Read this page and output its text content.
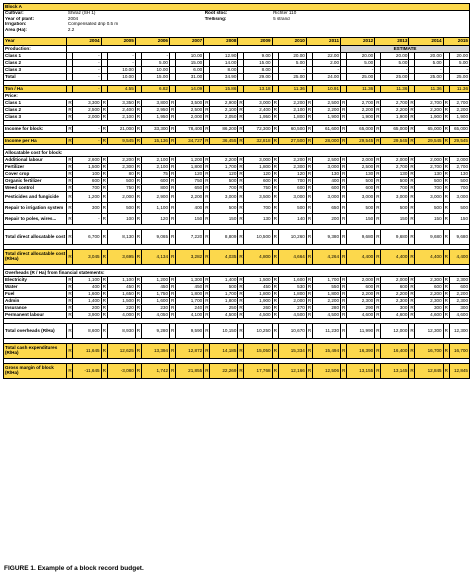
Block A																								
Cultivar:	Shiraz (SH 1)								Root stoc:				Richter 110											
Year of plant:	2004								Trellising:				5 strand											
Irrigation:	Compensated drip 0.5 m																							
Area (Ha):	2.2																							

Year	2004		2005		2006		2007		2008		2009		2010		2011		2012		2013		2014		2015	
Production:																	ESTIMATE							
Class 1		-		-		-		10.00		12.90		9.00		20.00		22.00		20.00		20.00		20.00		20.00
Class 2		-		-		5.00		15.00		14.00		15.00		5.00		2.00		5.00		5.00		5.00		5.00
Class 3		-		10.00		10.00		6.00		8.00		8.00		-		-		-		-		-		-
Total		-		10.00		15.00		31.00		34.90		29.00		25.00		24.00		25.00		25.00		25.00		25.00

Ton / Ha		-		4.55		6.82		14.09		15.86		13.18		11.36		10.91		11.36		11.36		11.36		11.36
Price:																								
Class 1	R	3,300	R	3,350	R	3,800	R	3,500	R	2,900	R	3,000	R	2,200	R	2,500	R	2,700	R	2,700	R	2,700	R	2,700
Class 2	R	2,500	R	2,400	R	2,950	R	2,500	R	2,100	R	2,400	R	2,100	R	2,200	R	2,200	R	2,200	R	2,200	R	2,200
Class 3	R	2,000	R	2,100	R	1,950	R	2,000	R	2,050	R	1,950	R	1,800	R	1,900	R	1,900	R	1,900	R	1,900	R	1,900

Income for block:	R	-	R	21,000	R	33,300	R	78,400	R	86,200	R	72,300	R	60,500	R	61,600	R	65,000	R	65,000	R	65,000	R	65,000

Income per Ha	R	-	R	9,545	R	15,136	R	34,727	R	36,455	R	32,818	R	27,500	R	28,000	R	29,545	R	29,545	R	29,545	R	29,545

Allocatable cost for block:																								
Additional labour	R	2,600	R	2,200	R	2,100	R	1,200	R	2,200	R	3,000	R	2,200	R	2,500	R	2,000	R	2,000	R	2,000	R	2,000
Fertilizer	R	1,500	R	2,300	R	2,100	R	1,800	R	1,700	R	1,800	R	2,300	R	3,000	R	2,500	R	2,700	R	2,700	R	2,700
Cover crop	R	100	R	80	R	75	R	120	R	120	R	120	R	120	R	130	R	130	R	130	R	130	R	130
Organic fertilizer	R	600	R	500	R	600	R	750	R	500	R	600	R	700	R	400	R	500	R	500	R	500	R	500
Weed control	R	700	R	750	R	800	R	650	R	700	R	750	R	600	R	600	R	600	R	700	R	700	R	700
Pesticides and fungicide	R	1,200	R	2,000	R	2,900	R	2,200	R	3,000	R	3,500	R	3,000	R	3,000	R	3,000	R	3,000	R	3,000	R	3,000
Repair to irrigation system	R	300	R	500	R	1,100	R	400	R	500	R	700	R	500	R	650	R	500	R	500	R	500	R	500
Repair to poles, wires...	R	-	R	100	R	120	R	150	R	150	R	130	R	140	R	200	R	150	R	150	R	150	R	150

Total direct allocatable cost	R	6,700	R	8,130	R	9,065	R	7,220	R	8,809	R	10,500	R	10,260	R	9,380	R	9,680	R	9,680	R	9,680	R	9,680

Total direct allocatable cost (R/Ha)	R	3,045	R	3,695	R	4,134	R	3,282	R	4,035	R	4,800	R	4,664	R	4,264	R	4,400	R	4,400	R	4,400	R	4,400

Overheads (R / Ha) from financial statements:																								
Electricity	R	1,100	R	1,100	R	1,200	R	1,300	R	1,400	R	1,500	R	1,600	R	1,700	R	2,000	R	2,000	R	2,300	R	2,300
Water	R	400	R	450	R	450	R	450	R	500	R	450	R	530	R	550	R	600	R	600	R	600	R	600
Fuel	R	1,600	R	1,650	R	1,750	R	1,800	R	1,700	R	1,800	R	1,800	R	1,800	R	2,200	R	2,200	R	2,200	R	2,200
Admin	R	1,400	R	1,500	R	1,600	R	1,700	R	1,800	R	1,900	R	2,000	R	2,200	R	2,300	R	2,300	R	2,300	R	2,300
Insurance	R	200	R	220	R	230	R	240	R	250	R	260	R	270	R	280	R	290	R	300	R	300	R	300
Permanent labour	R	3,900	R	4,000	R	4,050	R	4,100	R	4,500	R	4,500	R	4,500	R	4,500	R	4,600	R	4,600	R	4,600	R	4,600

Total overheads (R/Ha)	R	8,600	R	8,930	R	9,280	R	9,590	R	10,150	R	10,250	R	10,670	R	11,230	R	11,990	R	12,000	R	12,300	R	12,300

Total cash expenditures (R/Ha)	R	11,645	R	12,625	R	13,394	R	12,872	R	14,185	R	15,050	R	15,334	R	15,494	R	16,390	R	16,400	R	16,700	R	16,700

Gross margin of block (R/Ha)	R	-11,645	R	-3,080	R	1,742	R	21,855	R	22,269	R	17,768	R	12,166	R	12,506	R	13,155	R	13,145	R	12,845	R	12,845
FIGURE 1. Example of a block record budget.
